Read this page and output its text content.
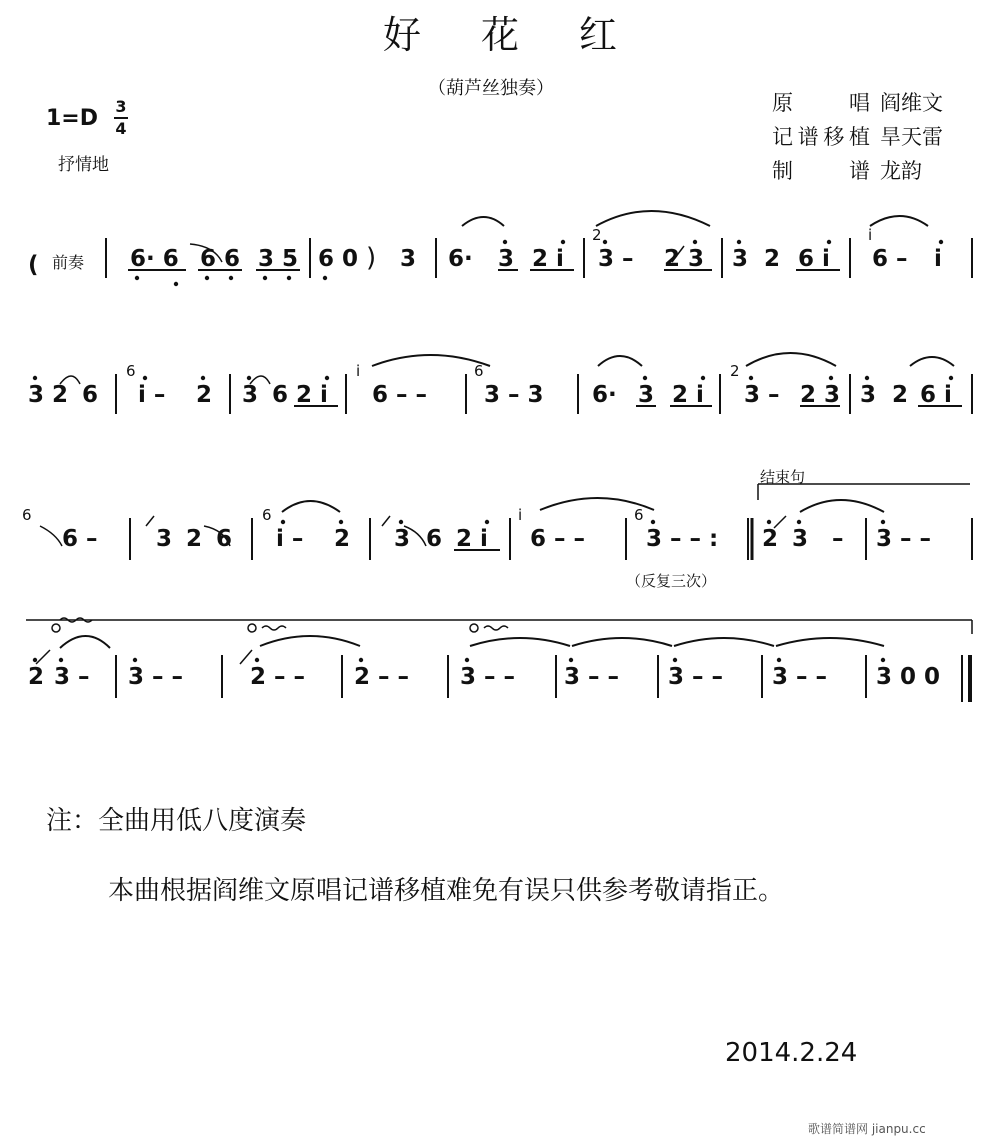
好花红
（葫芦丝独奏）
1=D 3
4
抒情地
原唱 阎维文
记谱移植 旱天雷
制谱 龙韵
( 前奏 6· 6 6 6 3 5 6 0 ) 3 6· 3 2 i 3 – 2 3 3 2 6 i 6 – i
3 2 6 i – 2 3 6 2 i 6 – – 3 – 3 6· 3 2 i 3 – 2 3 3 2 6 i
6 –	3 2 6 i – 2 3 6 2 i 6 – –	3 – – : 2 3 – 3 – –
2 3 – 3 – –	2 – – 2 – – 3 – – 3 – – 3 – – 3 – – 3 0 0
2	i
6	i	6	2
6	6	i	6
结束句
（反复三次）
注：全曲用低八度演奏
本曲根据阎维文原唱记谱移植难免有误只供参考敬请指正。
2014.2.24
歌谱简谱网 jianpu.cc
